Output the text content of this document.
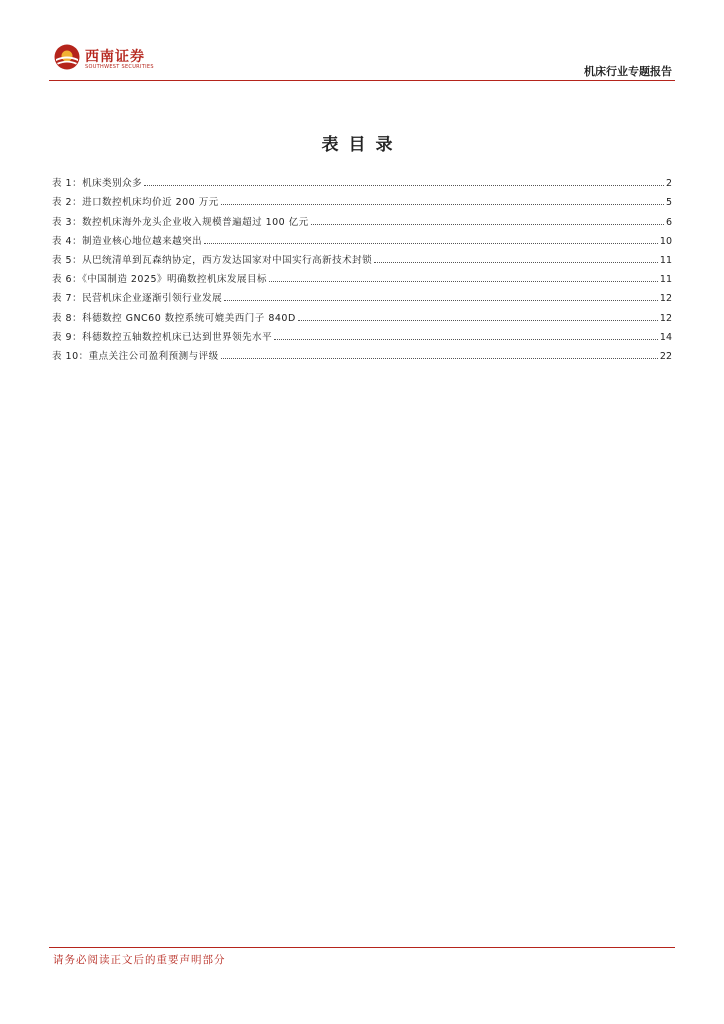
西南证券
SOUTHWEST SECURITIES	机床行业专题报告
表目录
表 1：机床类别众多	2
表 2：进口数控机床均价近 200 万元	5
表 3：数控机床海外龙头企业收入规模普遍超过 100 亿元	6
表 4：制造业核心地位越来越突出	10
表 5：从巴统清单到瓦森纳协定，西方发达国家对中国实行高新技术封锁	11
表 6：《中国制造 2025》明确数控机床发展目标	11
表 7：民营机床企业逐渐引领行业发展	12
表 8：科德数控 GNC60 数控系统可媲美西门子 840D	12
表 9：科德数控五轴数控机床已达到世界领先水平	14
表 10：重点关注公司盈利预测与评级	22
请务必阅读正文后的重要声明部分
